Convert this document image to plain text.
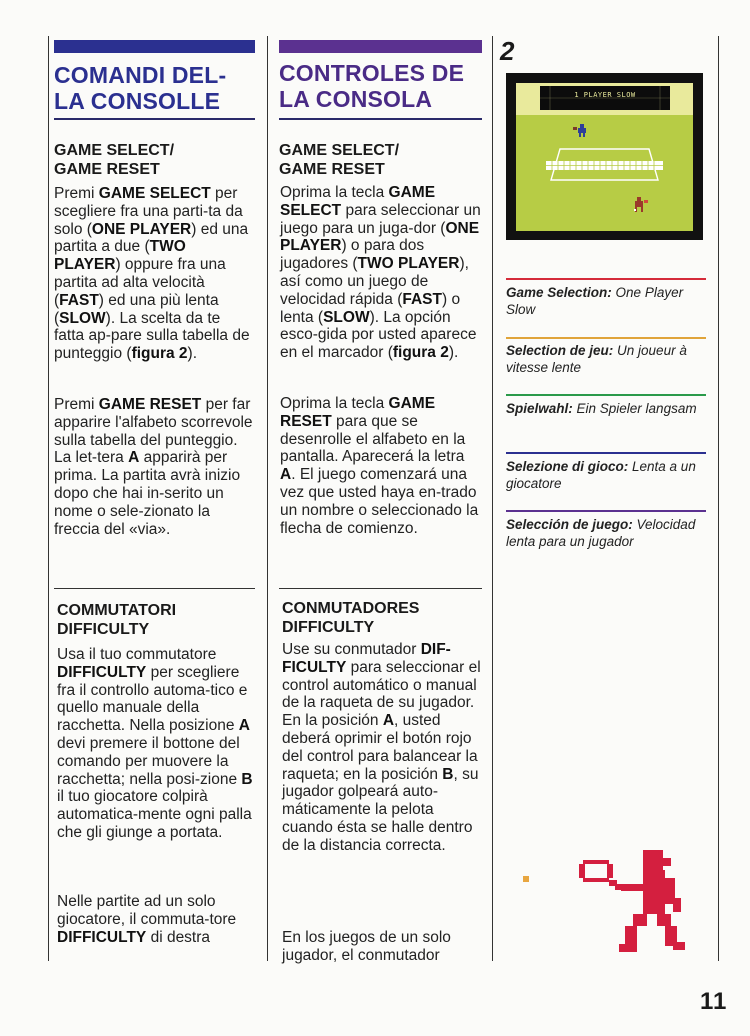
COMANDI DEL-
LA CONSOLLE
GAME SELECT/
GAME RESET

Premi GAME SELECT per scegliere fra una parti-ta da solo (ONE PLAYER) ed una partita a due (TWO PLAYER) oppure fra una partita ad alta velocità (FAST) ed una più lenta (SLOW). La scelta da te fatta ap-pare sulla tabella de punteggio (figura 2).

Premi GAME RESET per far apparire l'alfabeto scorrevole sulla tabella del punteggio. La let-tera A apparirà per prima. La partita avrà inizio dopo che hai in-serito un nome o sele-zionato la freccia del «via».

COMMUTATORI
DIFFICULTY

Usa il tuo commutatore DIFFICULTY per scegliere fra il controllo automa-tico e quello manuale della racchetta. Nella posizione A devi premere il bottone del comando per muovere la racchetta; nella posi-zione B il tuo giocatore colpirà automatica-mente ogni palla che gli giunge a portata.

Nelle partite ad un solo giocatore, il commuta-tore DIFFICULTY di destra

CONTROLES DE
LA CONSOLA
GAME SELECT/
GAME RESET

Oprima la tecla GAME SELECT para seleccionar un juego para un juga-dor (ONE PLAYER) o para dos jugadores (TWO PLAYER), así como un juego de velocidad rápida (FAST) o lenta (SLOW). La opción esco-gida por usted aparece en el marcador (figura 2).

Oprima la tecla GAME RESET para que se desenrolle el alfabeto en la pantalla. Aparecerá la letra A. El juego comenzará una vez que usted haya en-trado un nombre o seleccionado la flecha de comienzo.

CONMUTADORES
DIFFICULTY

Use su conmutador DIF-FICULTY para seleccionar el control automático o manual de la raqueta de su jugador. En la posición A, usted deberá oprimir el botón rojo del control para balancear la raqueta; en la posición B, su jugador golpeará auto-máticamente la pelota cuando ésta se halle dentro de la distancia correcta.

En los juegos de un solo jugador, el conmutador

2
1 PLAYER SLOW
Game Selection: One Player Slow
Selection de jeu: Un joueur à vitesse lente
Spielwahl: Ein Spieler langsam
Selezione di gioco: Lenta a un giocatore
Selección de juego: Velocidad lenta para un jugador
11
